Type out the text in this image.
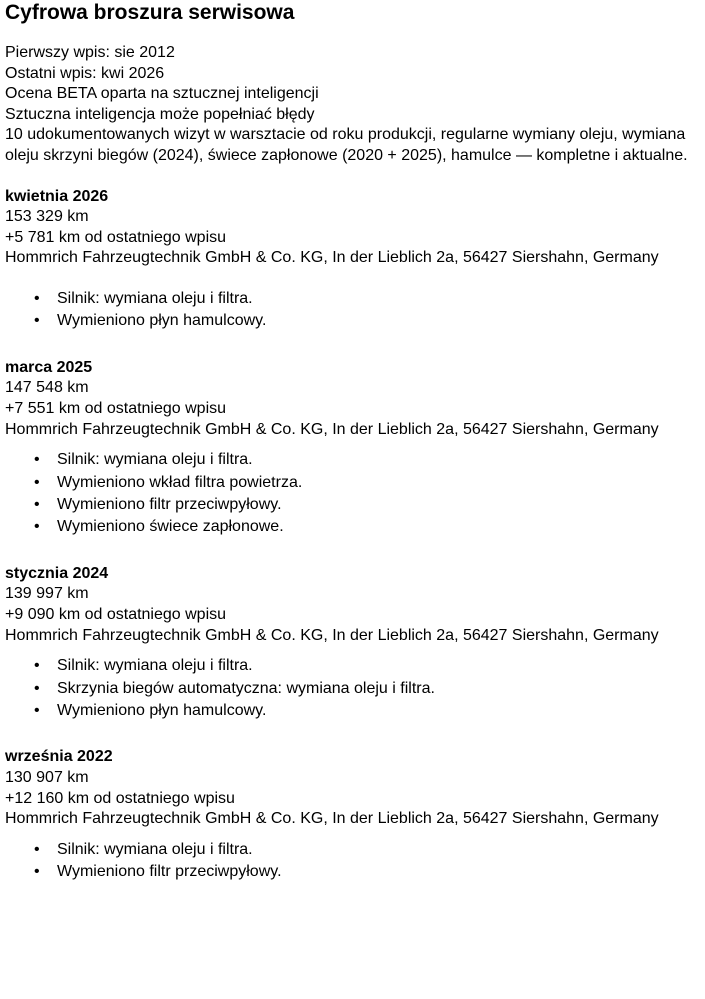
Cyfrowa broszura serwisowa
Pierwszy wpis: sie 2012
Ostatni wpis: kwi 2026
Ocena BETA oparta na sztucznej inteligencji
Sztuczna inteligencja może popełniać błędy
10 udokumentowanych wizyt w warsztacie od roku produkcji, regularne wymiany oleju, wymiana oleju skrzyni biegów (2024), świece zapłonowe (2020 + 2025), hamulce — kompletne i aktualne.
kwietnia 2026
153 329 km
+5 781 km od ostatniego wpisu
Hommrich Fahrzeugtechnik GmbH & Co. KG, In der Lieblich 2a, 56427 Siershahn, Germany
• Silnik: wymiana oleju i filtra.
• Wymieniono płyn hamulcowy.
marca 2025
147 548 km
+7 551 km od ostatniego wpisu
Hommrich Fahrzeugtechnik GmbH & Co. KG, In der Lieblich 2a, 56427 Siershahn, Germany
• Silnik: wymiana oleju i filtra.
• Wymieniono wkład filtra powietrza.
• Wymieniono filtr przeciwpyłowy.
• Wymieniono świece zapłonowe.
stycznia 2024
139 997 km
+9 090 km od ostatniego wpisu
Hommrich Fahrzeugtechnik GmbH & Co. KG, In der Lieblich 2a, 56427 Siershahn, Germany
• Silnik: wymiana oleju i filtra.
• Skrzynia biegów automatyczna: wymiana oleju i filtra.
• Wymieniono płyn hamulcowy.
września 2022
130 907 km
+12 160 km od ostatniego wpisu
Hommrich Fahrzeugtechnik GmbH & Co. KG, In der Lieblich 2a, 56427 Siershahn, Germany
• Silnik: wymiana oleju i filtra.
• Wymieniono filtr przeciwpyłowy.
